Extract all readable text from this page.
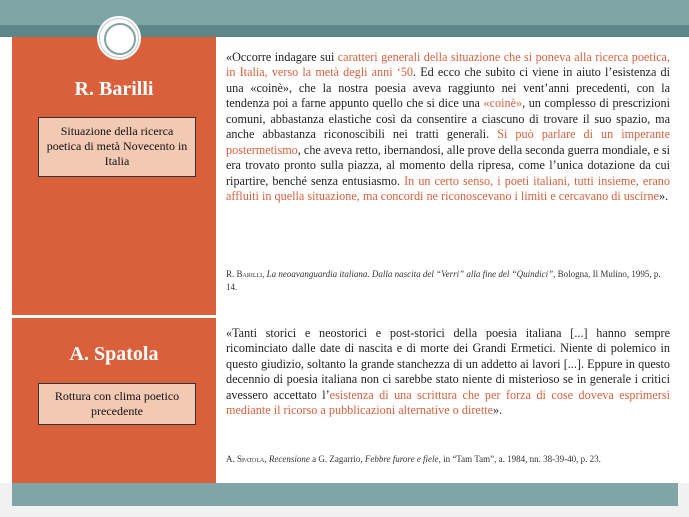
R. Barilli
Situazione della ricerca poetica di metà Novecento in Italia
A. Spatola
Rottura con clima poetico precedente
«Occorre indagare sui caratteri generali della situazione che si poneva alla ricerca poetica, in Italia, verso la metà degli anni ‘50. Ed ecco che subito ci viene in aiuto l’esistenza di una «coinè», che la nostra poesia aveva raggiunto nei vent’anni precedenti, con la tendenza poi a farne appunto quello che si dice una «coinè», un complesso di prescrizioni comuni, abbastanza elastiche così da consentire a ciascuno di trovare il suo spazio, ma anche abbastanza riconoscibili nei tratti generali. Si può parlare di un imperante postermetismo, che aveva retto, ibernandosi, alle prove della seconda guerra mondiale, e si era trovato pronto sulla piazza, al momento della ripresa, come l’unica dotazione da cui ripartire, benché senza entusiasmo. In un certo senso, i poeti italiani, tutti insieme, erano affluiti in quella situazione, ma concordi ne riconoscevano i limiti e cercavano di uscirne».
R. Barilli, La neoavanguardia italiana. Dalla nascita del “Verri” alla fine del “Quindici”, Bologna, Il Mulino, 1995, p. 14.
«Tanti storici e neostorici e post-storici della poesia italiana [...] hanno sempre ricominciato dalle date di nascita e di morte dei Grandi Ermetici. Niente di polemico in questo giudizio, soltanto la grande stanchezza di un addetto ai lavori [...]. Eppure in questo decennio di poesia italiana non ci sarebbe stato niente di misterioso se in generale i critici avessero accettato l’esistenza di una scrittura che per forza di cose doveva esprimersi mediante il ricorso a pubblicazioni alternative o dirette».
A. Spatola, Recensione a G. Zagarrio, Febbre furore e fiele, in “Tam Tam”, a. 1984, nn. 38-39-40, p. 23.
